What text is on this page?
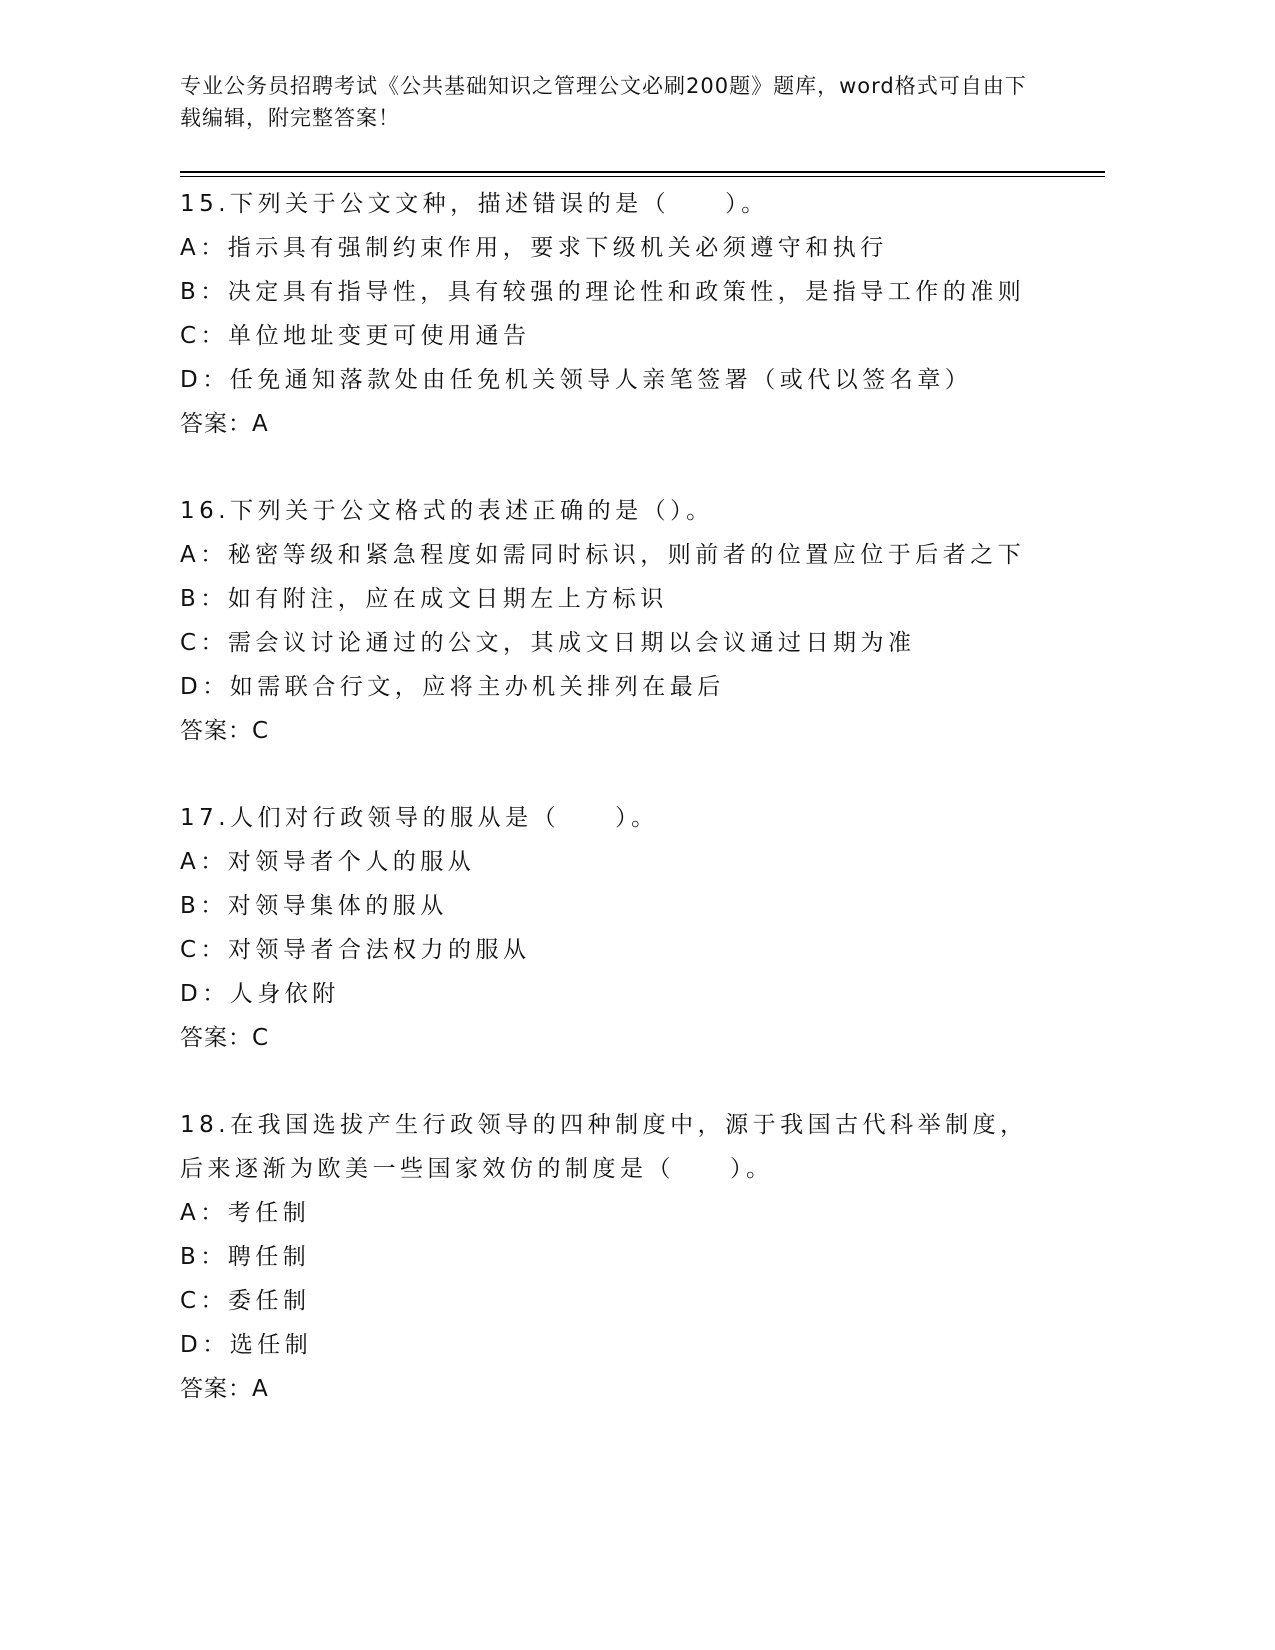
专业公务员招聘考试《公共基础知识之管理公文必刷200题》题库，word格式可自由下载编辑，附完整答案！
15.下列关于公文文种，描述错误的是（　　）。
A：指示具有强制约束作用，要求下级机关必须遵守和执行
B：决定具有指导性，具有较强的理论性和政策性，是指导工作的准则
C：单位地址变更可使用通告
D：任免通知落款处由任免机关领导人亲笔签署（或代以签名章）
答案：A
16.下列关于公文格式的表述正确的是（）。
A：秘密等级和紧急程度如需同时标识，则前者的位置应位于后者之下
B：如有附注，应在成文日期左上方标识
C：需会议讨论通过的公文，其成文日期以会议通过日期为准
D：如需联合行文，应将主办机关排列在最后
答案：C
17.人们对行政领导的服从是（　　）。
A：对领导者个人的服从
B：对领导集体的服从
C：对领导者合法权力的服从
D：人身依附
答案：C
18.在我国选拔产生行政领导的四种制度中，源于我国古代科举制度，
后来逐渐为欧美一些国家效仿的制度是（　　）。
A：考任制
B：聘任制
C：委任制
D：选任制
答案：A
